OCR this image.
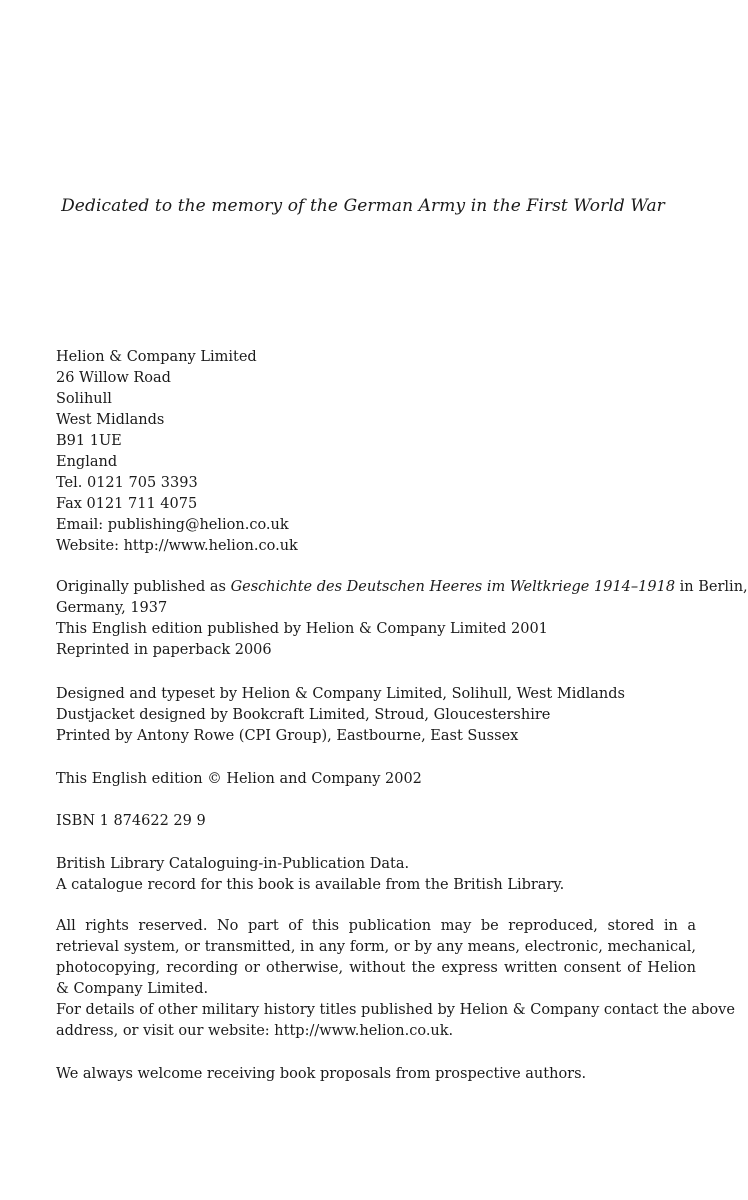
Dedicated to the memory of the German Army in the First World War
Helion & Company Limited
26 Willow Road
Solihull
West Midlands
B91 1UE
England
Tel. 0121 705 3393
Fax 0121 711 4075
Email: publishing@helion.co.uk
Website: http://www.helion.co.uk
Originally published as Geschichte des Deutschen Heeres im Weltkriege 1914–1918 in Berlin,
Germany, 1937
This English edition published by Helion & Company Limited 2001
Reprinted in paperback 2006
Designed and typeset by Helion & Company Limited, Solihull, West Midlands
Dustjacket designed by Bookcraft Limited, Stroud, Gloucestershire
Printed by Antony Rowe (CPI Group), Eastbourne, East Sussex
This English edition © Helion and Company 2002
ISBN 1 874622 29 9
British Library Cataloguing-in-Publication Data.
A catalogue record for this book is available from the British Library.
All rights reserved. No part of this publication may be reproduced, stored in a retrieval system, or transmitted, in any form, or by any means, electronic, mechanical, photocopying, recording or otherwise, without the express written consent of Helion & Company Limited.
For details of other military history titles published by Helion & Company contact the above
address, or visit our website: http://www.helion.co.uk.
We always welcome receiving book proposals from prospective authors.
